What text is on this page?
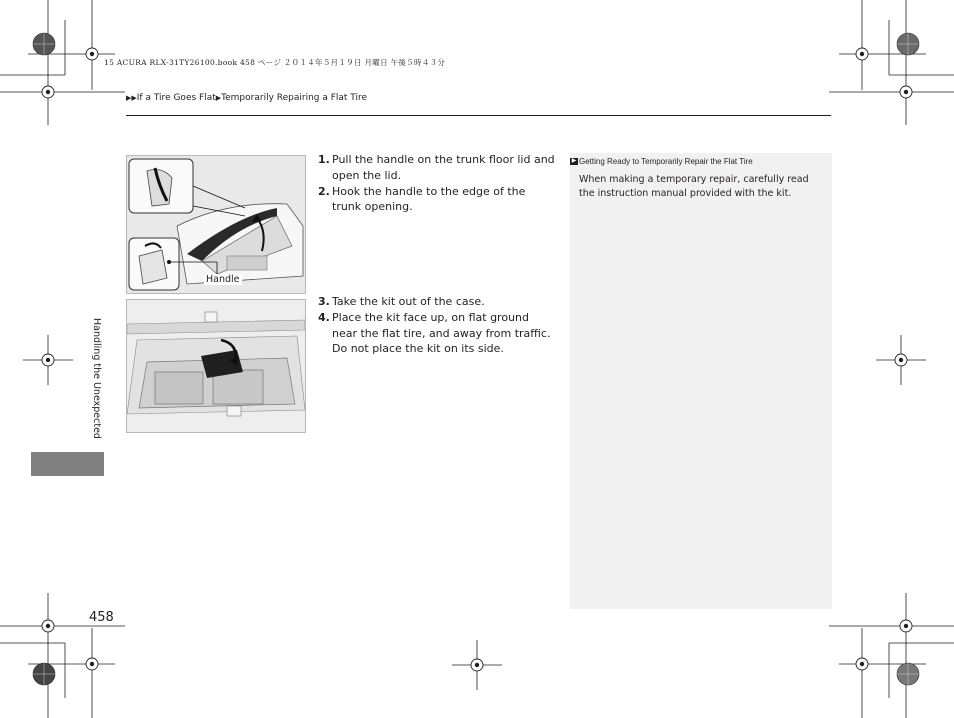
15 ACURA RLX-31TY26100.book 458 ページ ２０１４年５月１９日 月曜日 午後５時４３分
▶▶If a Tire Goes Flat▶Temporarily Repairing a Flat Tire
Handling the Unexpected
Handle
1. Pull the handle on the trunk floor lid and open the lid.
2. Hook the handle to the edge of the trunk opening.
3. Take the kit out of the case.
4. Place the kit face up, on flat ground near the flat tire, and away from traffic. Do not place the kit on its side.
▶ Getting Ready to Temporarily Repair the Flat Tire
When making a temporary repair, carefully read the instruction manual provided with the kit.
458
